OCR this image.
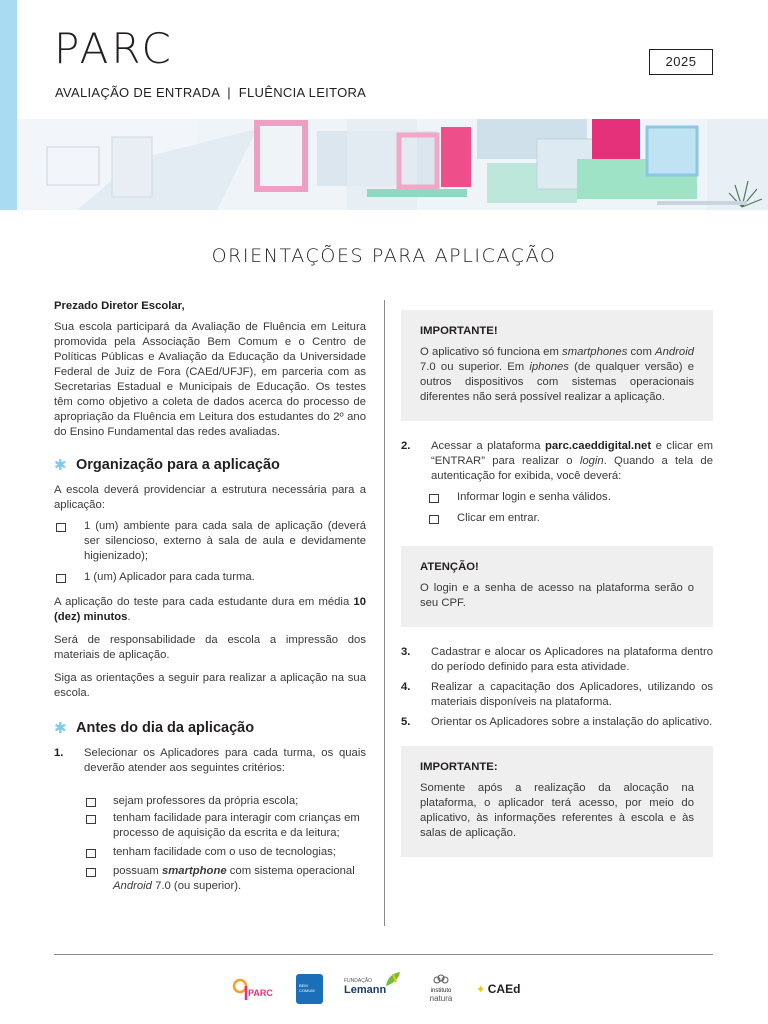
PARC
AVALIAÇÃO DE ENTRADA  |  FLUÊNCIA LEITORA
2025
ORIENTAÇÕES PARA APLICAÇÃO

Prezado Diretor Escolar,

Sua escola participará da Avaliação de Fluência em Leitura promovida pela Associação Bem Comum e o Centro de Políticas Públicas e Avaliação da Educação da Universidade Federal de Juiz de Fora (CAEd/UFJF), em parceria com as Secretarias Estadual e Municipais de Educação. Os testes têm como objetivo a coleta de dados acerca do processo de apropriação da Fluência em Leitura dos estudantes do 2º ano do Ensino Fundamental das redes avaliadas.

✱ Organização para a aplicação

A escola deverá providenciar a estrutura necessária para a aplicação:

1 (um) ambiente para cada sala de aplicação (deverá ser silencioso, externo à sala de aula e devidamente higienizado);

1 (um) Aplicador para cada turma.

A aplicação do teste para cada estudante dura em média 10 (dez) minutos.

Será de responsabilidade da escola a impressão dos materiais de aplicação.

Siga as orientações a seguir para realizar a aplicação na sua escola.

✱ Antes do dia da aplicação
1.	Selecionar os Aplicadores para cada turma, os quais deverão atender aos seguintes critérios:

sejam professores da própria escola;

tenham facilidade para interagir com crianças em processo de aquisição da escrita e da leitura;

tenham facilidade com o uso de tecnologias;

possuam smartphone com sistema operacional Android 7.0 (ou superior).

IMPORTANTE!

O aplicativo só funciona em smartphones com Android 7.0 ou superior. Em iphones (de qualquer versão) e outros dispositivos com sistemas operacionais diferentes não será possível realizar a aplicação.

2.	Acessar a plataforma parc.caeddigital.net e clicar em “ENTRAR” para realizar o login. Quando a tela de autenticação for exibida, você deverá:

Informar login e senha válidos.

Clicar em entrar.

ATENÇÃO!

O login e a senha de acesso na plataforma serão o seu CPF.

3.	Cadastrar e alocar os Aplicadores na plataforma dentro do período definido para esta atividade.

4.	Realizar a capacitação dos Aplicadores, utilizando os materiais disponíveis na plataforma.

5.	Orientar os Aplicadores sobre a instalação do aplicativo.

IMPORTANTE:

Somente após a realização da alocação na plataforma, o aplicador terá acesso, por meio do aplicativo, às informações referentes à escola e às salas de aplicação.

PARC
BEM COMUM
FUNDAÇÃO
Lemann	instituto
natura
✦ CAEd
